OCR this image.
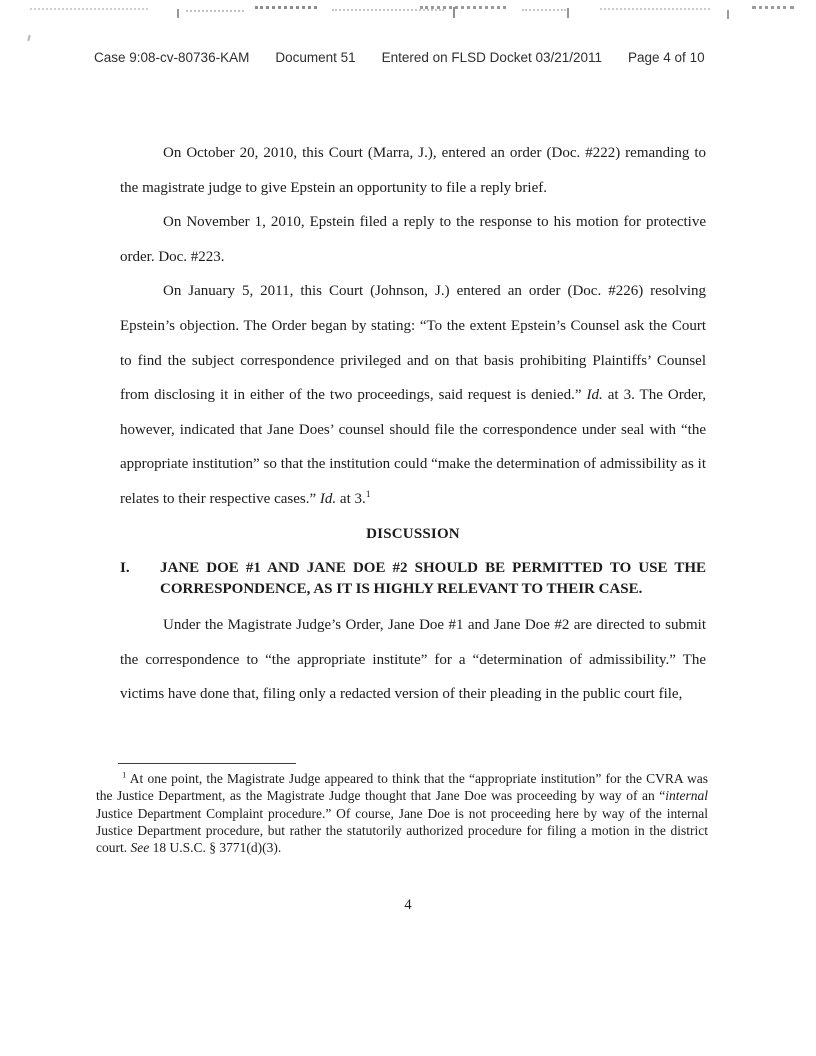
Case 9:08-cv-80736-KAM Document 51 Entered on FLSD Docket 03/21/2011 Page 4 of 10

On October 20, 2010, this Court (Marra, J.), entered an order (Doc. #222) remanding to the magistrate judge to give Epstein an opportunity to file a reply brief.

On November 1, 2010, Epstein filed a reply to the response to his motion for protective order. Doc. #223.

On January 5, 2011, this Court (Johnson, J.) entered an order (Doc. #226) resolving Epstein’s objection. The Order began by stating: “To the extent Epstein’s Counsel ask the Court to find the subject correspondence privileged and on that basis prohibiting Plaintiffs’ Counsel from disclosing it in either of the two proceedings, said request is denied.” Id. at 3. The Order, however, indicated that Jane Does’ counsel should file the correspondence under seal with “the appropriate institution” so that the institution could “make the determination of admissibility as it relates to their respective cases.” Id. at 3.$^1$

DISCUSSION
I.	JANE DOE #1 AND JANE DOE #2 SHOULD BE PERMITTED TO USE THE CORRESPONDENCE, AS IT IS HIGHLY RELEVANT TO THEIR CASE.

Under the Magistrate Judge’s Order, Jane Doe #1 and Jane Doe #2 are directed to submit the correspondence to “the appropriate institute” for a “determination of admissibility.” The victims have done that, filing only a redacted version of their pleading in the public court file,

$^1$ At one point, the Magistrate Judge appeared to think that the “appropriate institution” for the CVRA was the Justice Department, as the Magistrate Judge thought that Jane Doe was proceeding by way of an “internal Justice Department Complaint procedure.” Of course, Jane Doe is not proceeding here by way of the internal Justice Department procedure, but rather the statutorily authorized procedure for filing a motion in the district court. See 18 U.S.C. § 3771(d)(3).

4
